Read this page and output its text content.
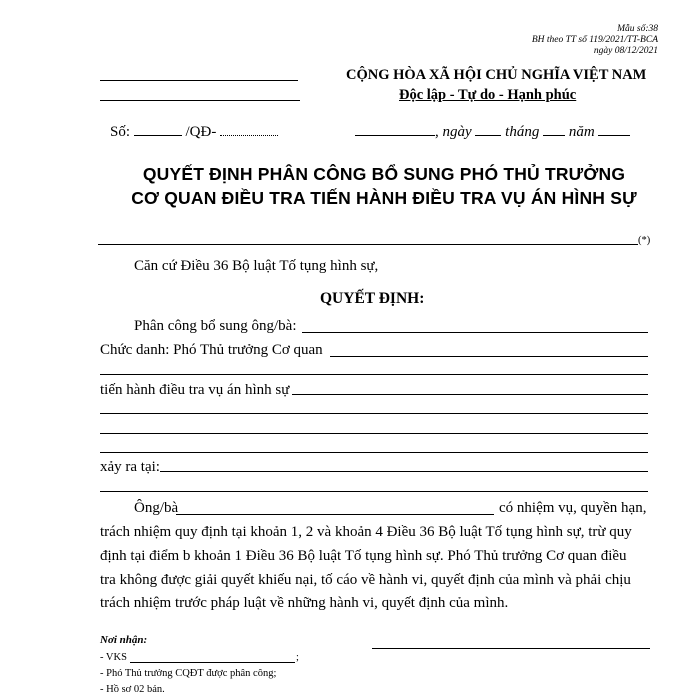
Mẫu số:38
BH theo TT số 119/2021/TT-BCA
ngày 08/12/2021
CỘNG HÒA XÃ HỘI CHỦ NGHĨA VIỆT NAM
Độc lập - Tự do - Hạnh phúc
Số:	/QĐ-	, ngày tháng năm
QUYẾT ĐỊNH PHÂN CÔNG BỔ SUNG PHÓ THỦ TRƯỞNG
CƠ QUAN ĐIỀU TRA TIẾN HÀNH ĐIỀU TRA VỤ ÁN HÌNH SỰ
(*)
Căn cứ Điều 36 Bộ luật Tố tụng hình sự,
QUYẾT ĐỊNH:
Phân công bổ sung ông/bà:
Chức danh: Phó Thủ trưởng Cơ quan
tiến hành điều tra vụ án hình sự
xảy ra tại:
Ông/bà	có nhiệm vụ, quyền hạn,
trách nhiệm quy định tại khoản 1, 2 và khoản 4 Điều 36 Bộ luật Tố tụng hình sự, trừ quy
định tại điểm b khoản 1 Điều 36 Bộ luật Tố tụng hình sự. Phó Thủ trưởng Cơ quan điều
tra không được giải quyết khiếu nại, tố cáo về hành vi, quyết định của mình và phải chịu
trách nhiệm trước pháp luật về những hành vi, quyết định của mình.
Nơi nhận:
- VKS	;
- Phó Thủ trưởng CQĐT được phân công;
- Hồ sơ 02 bản.
